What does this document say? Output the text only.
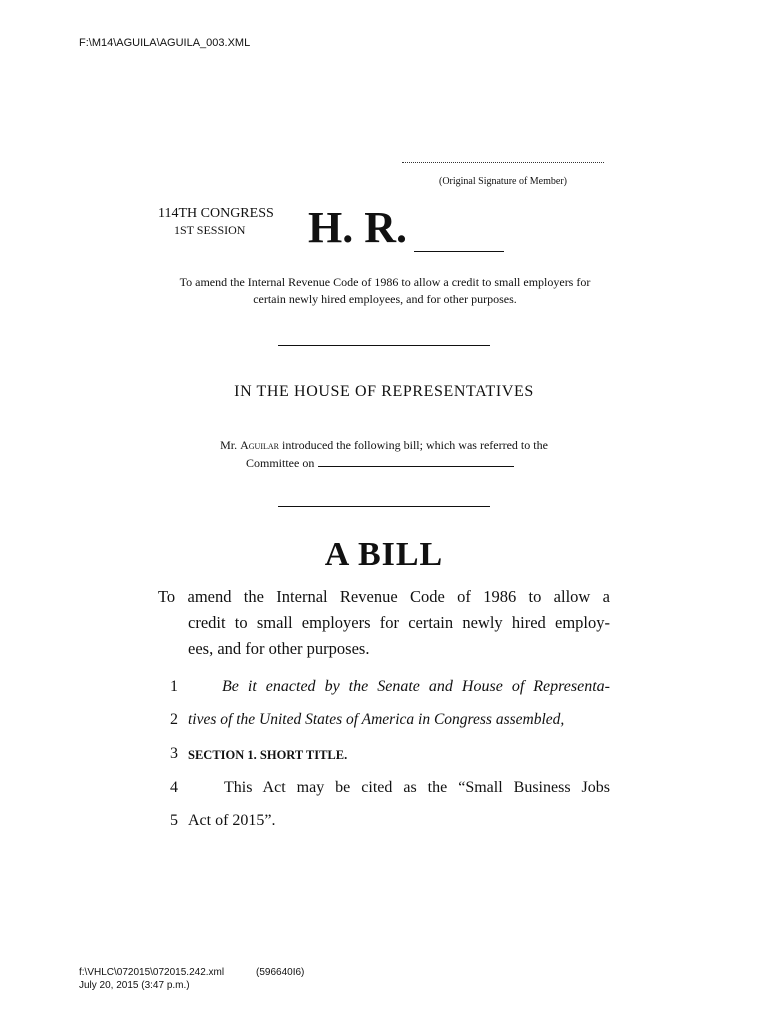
F:\M14\AGUILA\AGUILA_003.XML
(Original Signature of Member)
114TH CONGRESS
1ST SESSION H. R.
To amend the Internal Revenue Code of 1986 to allow a credit to small employers for certain newly hired employees, and for other purposes.
IN THE HOUSE OF REPRESENTATIVES
Mr. Aguilar introduced the following bill; which was referred to the
Committee on
A BILL
To amend the Internal Revenue Code of 1986 to allow a
credit to small employers for certain newly hired employ-
ees, and for other purposes.
1	Be it enacted by the Senate and House of Representa-
2 tives of the United States of America in Congress assembled,
3 SECTION 1. SHORT TITLE.
4	This Act may be cited as the “Small Business Jobs
5 Act of 2015”.
f:\VHLC\072015\072015.242.xml
July 20, 2015 (3:47 p.m.)
(596640I6)
